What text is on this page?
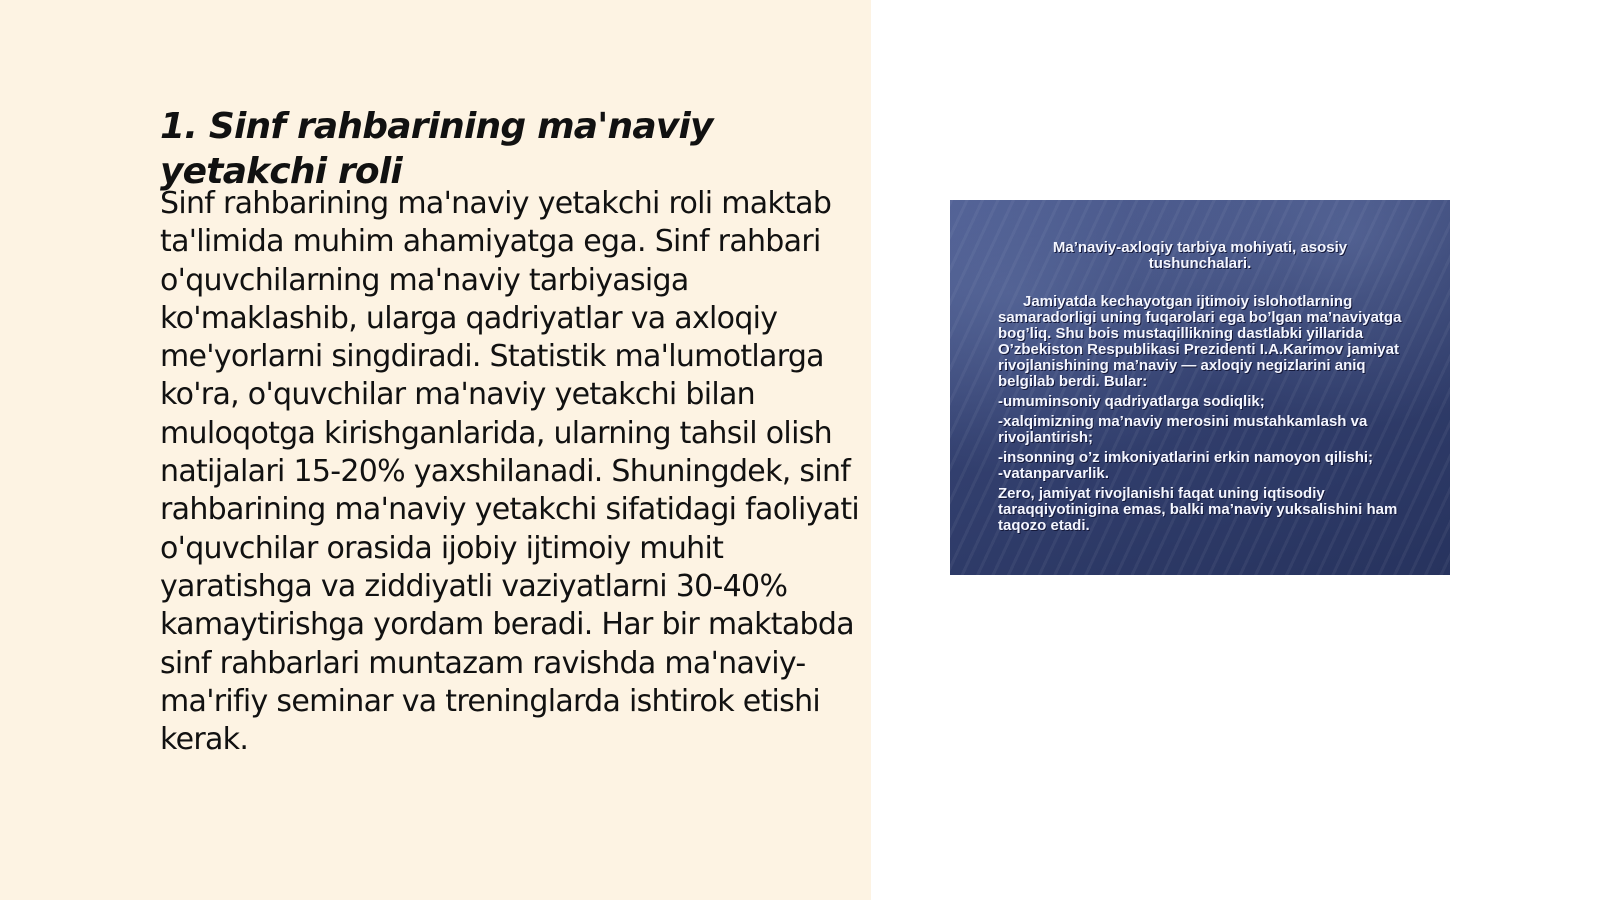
1. Sinf rahbarining ma'naviy yetakchi roli

Sinf rahbarining ma'naviy yetakchi roli maktab ta'limida muhim ahamiyatga ega. Sinf rahbari o'quvchilarning ma'naviy tarbiyasiga ko'maklashib, ularga qadriyatlar va axloqiy me'yorlarni singdiradi. Statistik ma'lumotlarga ko'ra, o'quvchilar ma'naviy yetakchi bilan muloqotga kirishganlarida, ularning tahsil olish natijalari 15-20% yaxshilanadi. Shuningdek, sinf rahbarining ma'naviy yetakchi sifatidagi faoliyati o'quvchilar orasida ijobiy ijtimoiy muhit yaratishga va ziddiyatli vaziyatlarni 30-40% kamaytirishga yordam beradi. Har bir maktabda sinf rahbarlari muntazam ravishda ma'naviy-ma'rifiy seminar va treninglarda ishtirok etishi kerak.

Ma’naviy-axloqiy tarbiya mohiyati, asosiy tushunchalari.

Jamiyatda kechayotgan ijtimoiy islohotlarning samaradorligi uning fuqarolari ega bo’lgan ma’naviyatga bog’liq. Shu bois mustaqillikning dastlabki yillarida O’zbekiston Respublikasi Prezidenti I.A.Karimov jamiyat rivojlanishining ma’naviy — axloqiy negizlarini aniq belgilab berdi. Bular:

-umuminsoniy qadriyatlarga sodiqlik;

-xalqimizning ma’naviy merosini mustahkamlash va rivojlantirish;

-insonning o’z imkoniyatlarini erkin namoyon qilishi;

-vatanparvarlik.

Zero, jamiyat rivojlanishi faqat uning iqtisodiy taraqqiyotinigina emas, balki ma’naviy yuksalishini ham taqozo etadi.
